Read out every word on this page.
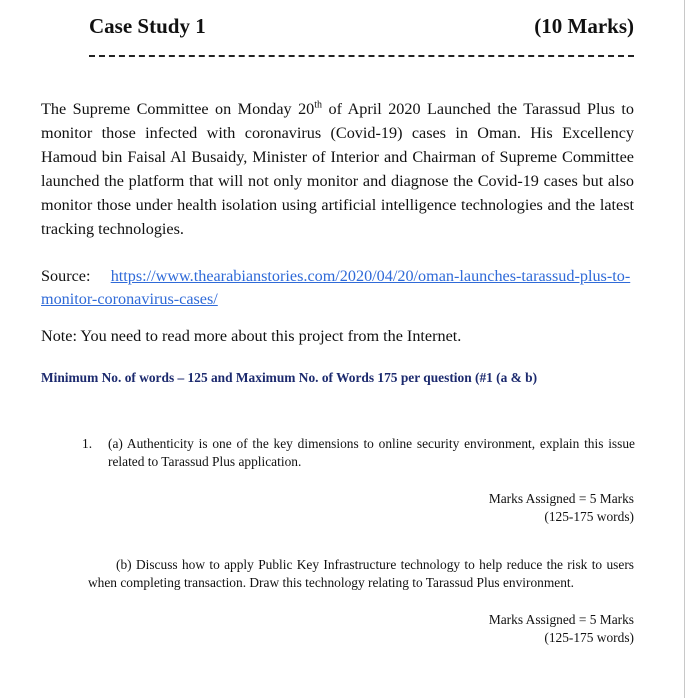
Case Study 1	(10 Marks)

The Supreme Committee on Monday 20th of April 2020 Launched the Tarassud Plus to monitor those infected with coronavirus (Covid-19) cases in Oman. His Excellency Hamoud bin Faisal Al Busaidy, Minister of Interior and Chairman of Supreme Committee launched the platform that will not only monitor and diagnose the Covid-19 cases but also monitor those under health isolation using artificial intelligence technologies and the latest tracking technologies.

Source: https://www.thearabianstories.com/2020/04/20/oman-launches-tarassud-plus-to-monitor-coronavirus-cases/

Note: You need to read more about this project from the Internet.

Minimum No. of words – 125 and Maximum No. of Words 175 per question (#1 (a & b)

1.	(a) Authenticity is one of the key dimensions to online security environment, explain this issue related to Tarassud Plus application.

Marks Assigned = 5 Marks
(125-175 words)

(b) Discuss how to apply Public Key Infrastructure technology to help reduce the risk to users when completing transaction. Draw this technology relating to Tarassud Plus environment.

Marks Assigned = 5 Marks
(125-175 words)
